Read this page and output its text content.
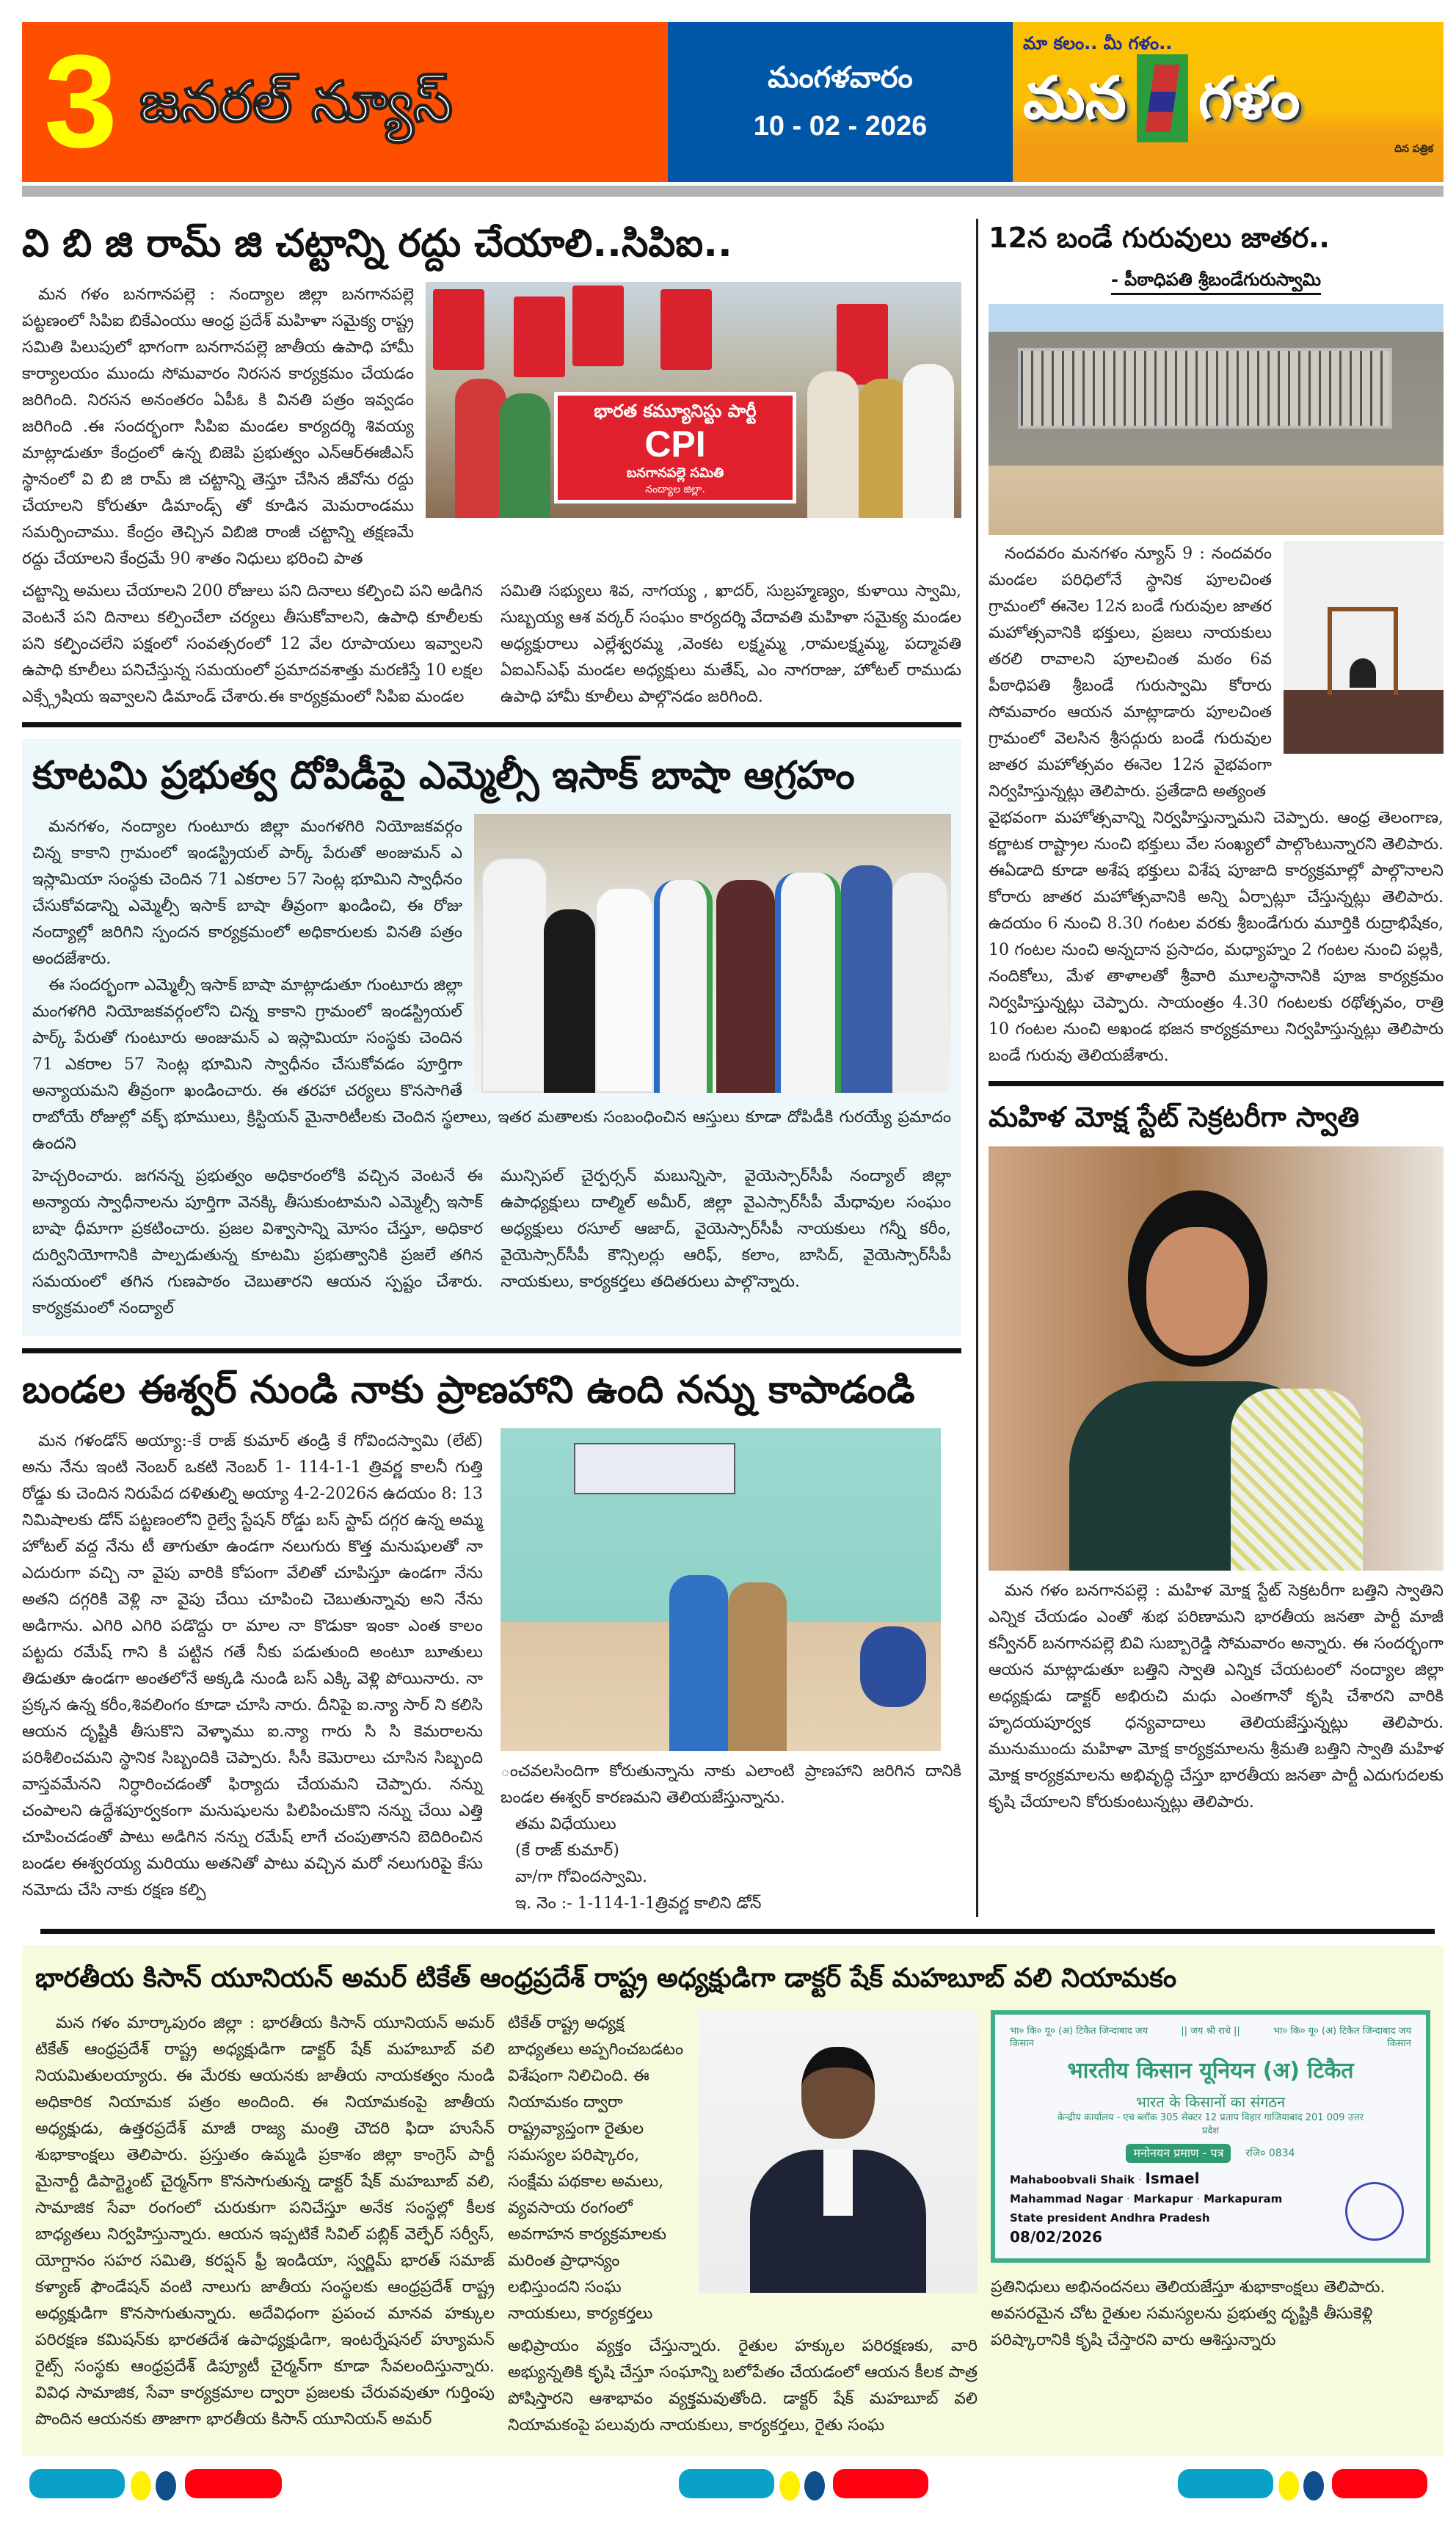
3 జనరల్ న్యూస్	మంగళవారం
10 - 02 - 2026
మా కలం.. మీ గళం..
మన గళం
దిన పత్రిక
వి బి జి రామ్ జి చట్టాన్ని రద్దు చేయాలి..సిపిఐ..
భారత కమ్యూనిస్టు పార్టీ
CPI
బనగానపల్లె సమితి
నంద్యాల జిల్లా.

మన గళం బనగానపల్లె : నంద్యాల జిల్లా బనగానపల్లె పట్టణంలో సిపిఐ బికేఎంయు ఆంధ్ర ప్రదేశ్ మహిళా సమైక్య రాష్ట్ర సమితి పిలుపులో భాగంగా బనగానపల్లె జాతీయ ఉపాధి హామీ కార్యాలయం ముందు సోమవారం నిరసన కార్యక్రమం చేయడం జరిగింది. నిరసన అనంతరం ఏపీఓ కి వినతి పత్రం ఇవ్వడం జరిగింది .ఈ సందర్భంగా సిపిఐ మండల కార్యదర్శి శివయ్య మాట్లాడుతూ కేంద్రంలో ఉన్న బిజెపి ప్రభుత్వం ఎన్ఆర్ఈజీఎస్ స్థానంలో వి బి జి రామ్ జి చట్టాన్ని తెస్తూ చేసిన జీవోను రద్దు చేయాలని కోరుతూ డిమాండ్స్ తో కూడిన మెమరాండము సమర్పించాము. కేంద్రం తెచ్చిన విబిజి రాంజీ చట్టాన్ని తక్షణమే రద్దు చేయాలని కేంద్రమే 90 శాతం నిధులు భరించి పాత

చట్టాన్ని అమలు చేయాలని 200 రోజులు పని దినాలు కల్పించి పని అడిగిన వెంటనే పని దినాలు కల్పించేలా చర్యలు తీసుకోవాలని, ఉపాధి కూలీలకు పని కల్పించలేని పక్షంలో సంవత్సరంలో 12 వేల రూపాయలు ఇవ్వాలని ఉపాధి కూలీలు పనిచేస్తున్న సమయంలో ప్రమాదవశాత్తు మరణిస్తే 10 లక్షల ఎక్స్గ్రేషియ ఇవ్వాలని డిమాండ్ చేశారు.ఈ కార్యక్రమంలో సిపిఐ మండల

సమితి సభ్యులు శివ, నాగయ్య , ఖాదర్, సుబ్రహ్మణ్యం, కుళాయి స్వామి, సుబ్బయ్య ఆశ వర్కర్ సంఘం కార్యదర్శి వేదావతి మహిళా సమైక్య మండల అధ్యక్షురాలు ఎల్లేశ్వరమ్మ ,వెంకట లక్ష్మమ్మ ,రామలక్ష్మమ్మ, పద్మావతి ఏఐఎస్ఎఫ్ మండల అధ్యక్షులు మతేష్, ఎం నాగరాజు, హోటల్ రాముడు ఉపాధి హామీ కూలీలు పాల్గొనడం జరిగింది.

కూటమి ప్రభుత్వ దోపిడీపై ఎమ్మెల్సీ ఇసాక్ బాషా ఆగ్రహం

మనగళం, నంద్యాల గుంటూరు జిల్లా మంగళగిరి నియోజకవర్గం చిన్న కాకాని గ్రామంలో ఇండస్ట్రియల్ పార్క్ పేరుతో అంజుమన్ ఎ ఇస్లామియా సంస్థకు చెందిన 71 ఎకరాల 57 సెంట్ల భూమిని స్వాధీనం చేసుకోవడాన్ని ఎమ్మెల్సీ ఇసాక్ బాషా తీవ్రంగా ఖండించి, ఈ రోజు నంద్యాల్లో జరిగిని స్పందన కార్యక్రమంలో అధికారులకు వినతి పత్రం అందజేశారు.

ఈ సందర్భంగా ఎమ్మెల్సీ ఇసాక్ బాషా మాట్లాడుతూ గుంటూరు జిల్లా మంగళగిరి నియోజకవర్గంలోని చిన్న కాకాని గ్రామంలో ఇండస్ట్రియల్ పార్క్ పేరుతో గుంటూరు అంజుమన్ ఎ ఇస్లామియా సంస్థకు చెందిన 71 ఎకరాల 57 సెంట్ల భూమిని స్వాధీనం చేసుకోవడం పూర్తిగా అన్యాయమని తీవ్రంగా ఖండించారు. ఈ తరహా చర్యలు కొనసాగితే రాబోయే రోజుల్లో వక్ఫ్ భూములు, క్రిస్టియన్ మైనారిటీలకు చెందిన స్థలాలు, ఇతర మతాలకు సంబంధించిన ఆస్తులు కూడా దోపిడీకి గురయ్యే ప్రమాదం ఉందని

హెచ్చరించారు. జగనన్న ప్రభుత్వం అధికారంలోకి వచ్చిన వెంటనే ఈ అన్యాయ స్వాధీనాలను పూర్తిగా వెనక్కి తీసుకుంటామని ఎమ్మెల్సీ ఇసాక్ బాషా ధీమాగా ప్రకటించారు. ప్రజల విశ్వాసాన్ని మోసం చేస్తూ, అధికార దుర్వినియోగానికి పాల్పడుతున్న కూటమి ప్రభుత్వానికి ప్రజలే తగిన సమయంలో తగిన గుణపాఠం చెబుతారని ఆయన స్పష్టం చేశారు. కార్యక్రమంలో నంద్యాల్

మున్సిపల్ చైర్పర్సన్ మబున్నిసా, వైయెస్సార్‌సీపీ నంద్యాల్ జిల్లా ఉపాధ్యక్షులు దాల్మిల్ అమీర్, జిల్లా వైఎస్సార్‌సీపీ మేధావుల సంఘం అధ్యక్షులు రసూల్ ఆజాద్, వైయెస్సార్‌సీపీ నాయకులు గన్నీ కరీం, వైయెస్సార్‌సీపీ కౌన్సిలర్లు ఆరిఫ్, కలాం, బాసిద్, వైయెస్సార్‌సీపీ నాయకులు, కార్యకర్తలు తదితరులు పాల్గొన్నారు.

బండల ఈశ్వర్ నుండి నాకు ప్రాణహాని ఉంది నన్ను కాపాడండి

మన గళండోన్ అయ్యా:-కే రాజ్ కుమార్ తండ్రి కే గోవిందస్వామి (లేట్) అను నేను ఇంటి నెంబర్ ఒకటి నెంబర్ 1- 114-1-1 త్రివర్ణ కాలనీ గుత్తి రోడ్డు కు చెందిన నిరుపేద దళితుల్ని అయ్యా 4-2-2026న ఉదయం 8: 13 నిమిషాలకు డోన్ పట్టణంలోని రైల్వే స్టేషన్ రోడ్డు బస్ స్టాప్ దగ్గర ఉన్న అమ్మ హోటల్ వద్ద నేను టీ తాగుతూ ఉండగా నలుగురు కొత్త మనుషులతో నా ఎదురుగా వచ్చి నా వైపు వారికి కోపంగా వేలితో చూపిస్తూ ఉండగా నేను అతని దగ్గరికి వెళ్లి నా వైపు చేయి చూపించి చెబుతున్నావు అని నేను అడిగాను. ఎగిరి ఎగిరి పడొద్దు రా మాల నా కొడుకా ఇంకా ఎంత కాలం పట్టదు రమేష్ గాని కి పట్టిన గతే నీకు పడుతుంది అంటూ బూతులు తిడుతూ ఉండగా అంతలోనే అక్కడి నుండి బస్ ఎక్కి వెళ్లి పోయినారు. నా ప్రక్కన ఉన్న కరీం,శివలింగం కూడా చూసి నారు. దీనిపై ఐ.న్యా సార్ ని కలిసి ఆయన దృష్టికి తీసుకొని వెళ్ళాము ఐ.న్యా గారు సి సి కెమరాలను పరిశీలించమని స్థానిక సిబ్బందికి చెప్పారు. సీసీ కెమెరాలు చూసిన సిబ్బంది వాస్తవమేనని నిర్ధారించడంతో ఫిర్యాదు చేయమని చెప్పారు. నన్ను చంపాలని ఉద్దేశపూర్వకంగా మనుషులను పిలిపించుకొని నన్ను చేయి ఎత్తి చూపించడంతో పాటు అడిగిన నన్ను రమేష్ లాగే చంపుతానని బెదిరించిన బండల ఈశ్వరయ్య మరియు అతనితో పాటు వచ్చిన మరో నలుగురిపై కేసు నమోదు చేసి నాకు రక్షణ కల్పి

ంచవలసిందిగా కోరుతున్నాను నాకు ఎలాంటి ప్రాణహాని జరిగిన దానికి బండల ఈశ్వర్ కారణమని తెలియజేస్తున్నాను.

తమ విధేయులు
(కే రాజ్ కుమార్)
వా/గా గోవిందస్వామి.
ఇ. నెం :- 1-114-1-1త్రివర్ణ కాలిని డోన్
12న బండే గురువులు జాతర..
- పీఠాధిపతి శ్రీబండేగురుస్వామి

నందవరం మనగళం న్యూస్ 9 : నందవరం మండల పరిధిలోనే స్థానిక పూలచింత గ్రామంలో ఈనెల 12న బండే గురువుల జాతర మహోత్సవానికి భక్తులు, ప్రజలు నాయకులు తరలి రావాలని పూలచింత మఠం 6వ పీఠాధిపతి శ్రీబండే గురుస్వామి కోరారు సోమవారం ఆయన మాట్లాడారు పూలచింత గ్రామంలో వెలసిన శ్రీసద్గురు బండే గురువుల జాతర మహోత్సవం ఈనెల 12న వైభవంగా నిర్వహిస్తున్నట్లు తెలిపారు. ప్రతేడాది అత్యంత

వైభవంగా మహోత్సవాన్ని నిర్వహిస్తున్నామని చెప్పారు. ఆంధ్ర తెలంగాణ, కర్ణాటక రాష్ట్రాల నుంచి భక్తులు వేల సంఖ్యలో పాల్గొంటున్నారని తెలిపారు. ఈఏడాది కూడా అశేష భక్తులు విశేష పూజాది కార్యక్రమాల్లో పాల్గొనాలని కోరారు జాతర మహోత్సవానికి అన్ని ఏర్పాట్లూ చేస్తున్నట్లు తెలిపారు. ఉదయం 6 నుంచి 8.30 గంటల వరకు శ్రీబండేగురు మూర్తికి రుద్రాభిషేకం, 10 గంటల నుంచి అన్నదాన ప్రసాదం, మధ్యాహ్నం 2 గంటల నుంచి పల్లకి, నందికోలు, మేళ తాళాలతో శ్రీవారి మూలస్థానానికి పూజ కార్యక్రమం నిర్వహిస్తున్నట్లు చెప్పారు. సాయంత్రం 4.30 గంటలకు రథోత్సవం, రాత్రి 10 గంటల నుంచి అఖండ భజన కార్యక్రమాలు నిర్వహిస్తున్నట్లు తెలిపారు బండే గురువు తెలియజేశారు.

మహిళ మోక్ష స్టేట్ సెక్రటరీగా స్వాతి

మన గళం బనగానపల్లె : మహిళ మోక్ష స్టేట్ సెక్రటరీగా బత్తిని స్వాతిని ఎన్నిక చేయడం ఎంతో శుభ పరిణామని భారతీయ జనతా పార్టీ మాజీ కన్వీనర్ బనగానపల్లె బివి సుబ్బారెడ్డి సోమవారం అన్నారు. ఈ సందర్భంగా ఆయన మాట్లాడుతూ బత్తిని స్వాతి ఎన్నిక చేయటంలో నంద్యాల జిల్లా అధ్యక్షుడు డాక్టర్ అభిరుచి మధు ఎంతగానో కృషి చేశారని వారికి హృదయపూర్వక ధన్యవాదాలు తెలియజేస్తున్నట్లు తెలిపారు. మునుముందు మహిళా మోక్ష కార్యక్రమాలను శ్రీమతి బత్తిని స్వాతి మహిళ మోక్ష కార్యక్రమాలను అభివృద్ధి చేస్తూ భారతీయ జనతా పార్టీ ఎదుగుదలకు కృషి చేయాలని కోరుకుంటున్నట్లు తెలిపారు.

భారతీయ కిసాన్ యూనియన్ అమర్ టికేత్ ఆంధ్రప్రదేశ్ రాష్ట్ర అధ్యక్షుడిగా డాక్టర్ షేక్ మహబూబ్ వలి నియామకం

మన గళం మార్కాపురం జిల్లా : భారతీయ కిసాన్ యూనియన్ అమర్ టికేత్ ఆంధ్రప్రదేశ్ రాష్ట్ర అధ్యక్షుడిగా డాక్టర్ షేక్ మహబూబ్ వలి నియమితులయ్యారు. ఈ మేరకు ఆయనకు జాతీయ నాయకత్వం నుండి అధికారిక నియామక పత్రం అందింది. ఈ నియామకంపై జాతీయ అధ్యక్షుడు, ఉత్తరప్రదేశ్ మాజీ రాజ్య మంత్రి చౌదరి ఫిదా హుసేన్ శుభాకాంక్షలు తెలిపారు. ప్రస్తుతం ఉమ్మడి ప్రకాశం జిల్లా కాంగ్రెస్ పార్టీ మైనార్టీ డిపార్ట్మెంట్ చైర్మన్‌గా కొనసాగుతున్న డాక్టర్ షేక్ మహబూబ్ వలి, సామాజిక సేవా రంగంలో చురుకుగా పనిచేస్తూ అనేక సంస్థల్లో కీలక బాధ్యతలు నిర్వహిస్తున్నారు. ఆయన ఇప్పటికే సివిల్ పబ్లిక్ వెల్ఫేర్ సర్వీస్, యోగ్దానం సహర సమితి, కరప్షన్ ఫ్రీ ఇండియా, స్వర్ణిమ్ భారత్ సమాజ్ కళ్యాణ్ ఫౌండేషన్ వంటి నాలుగు జాతీయ సంస్థలకు ఆంధ్రప్రదేశ్ రాష్ట్ర అధ్యక్షుడిగా కొనసాగుతున్నారు. అదేవిధంగా ప్రపంచ మానవ హక్కుల పరిరక్షణ కమిషన్‌కు భారతదేశ ఉపాధ్యక్షుడిగా, ఇంటర్నేషనల్ హ్యూమన్ రైట్స్ సంస్థకు ఆంధ్రప్రదేశ్ డిప్యూటీ చైర్మన్‌గా కూడా సేవలందిస్తున్నారు. వివిధ సామాజిక, సేవా కార్యక్రమాల ద్వారా ప్రజలకు చేరువవుతూ గుర్తింపు పొందిన ఆయనకు తాజాగా భారతీయ కిసాన్ యూనియన్ అమర్

టికేత్ రాష్ట్ర అధ్యక్ష బాధ్యతలు అప్పగించబడటం విశేషంగా నిలిచింది. ఈ నియామకం ద్వారా రాష్ట్రవ్యాప్తంగా రైతుల సమస్యల పరిష్కారం, సంక్షేమ పథకాల అమలు, వ్యవసాయ రంగంలో అవగాహన కార్యక్రమాలకు మరింత ప్రాధాన్యం లభిస్తుందని సంఘ నాయకులు, కార్యకర్తలు

అభిప్రాయం వ్యక్తం చేస్తున్నారు. రైతుల హక్కుల పరిరక్షణకు, వారి అభ్యున్నతికి కృషి చేస్తూ సంఘాన్ని బలోపేతం చేయడంలో ఆయన కీలక పాత్ర పోషిస్తారని ఆశాభావం వ్యక్తమవుతోంది. డాక్టర్ షేక్ మహబూబ్ వలి నియామకంపై పలువురు నాయకులు, కార్యకర్తలు, రైతు సంఘ

भा० कि० यू० (अ) टिकैत जिन्दाबाद जय किसान
|| जय श्री राधे ||	भा० कि० यू० (अ) टिकैत जिन्दाबाद जय किसान
भारतीय किसान यूनियन (अ) टिकैत
भारत के किसानों का संगठन
केन्द्रीय कार्यालय - एच ब्लॉक 305 सेक्टर 12 प्रताप विहार गाजियाबाद 201 009 उत्तर प्रदेश
मनोनयन प्रमाण - पत्र	रजि० 0834
Mahaboobvali Shaik · Ismael
Mahammad Nagar · Markapur · Markapuram
State president Andhra Pradesh
08/02/2026

ప్రతినిధులు అభినందనలు తెలియజేస్తూ శుభాకాంక్షలు తెలిపారు. అవసరమైన చోట రైతుల సమస్యలను ప్రభుత్వ దృష్టికి తీసుకెళ్లి పరిష్కారానికి కృషి చేస్తారని వారు ఆశిస్తున్నారు
